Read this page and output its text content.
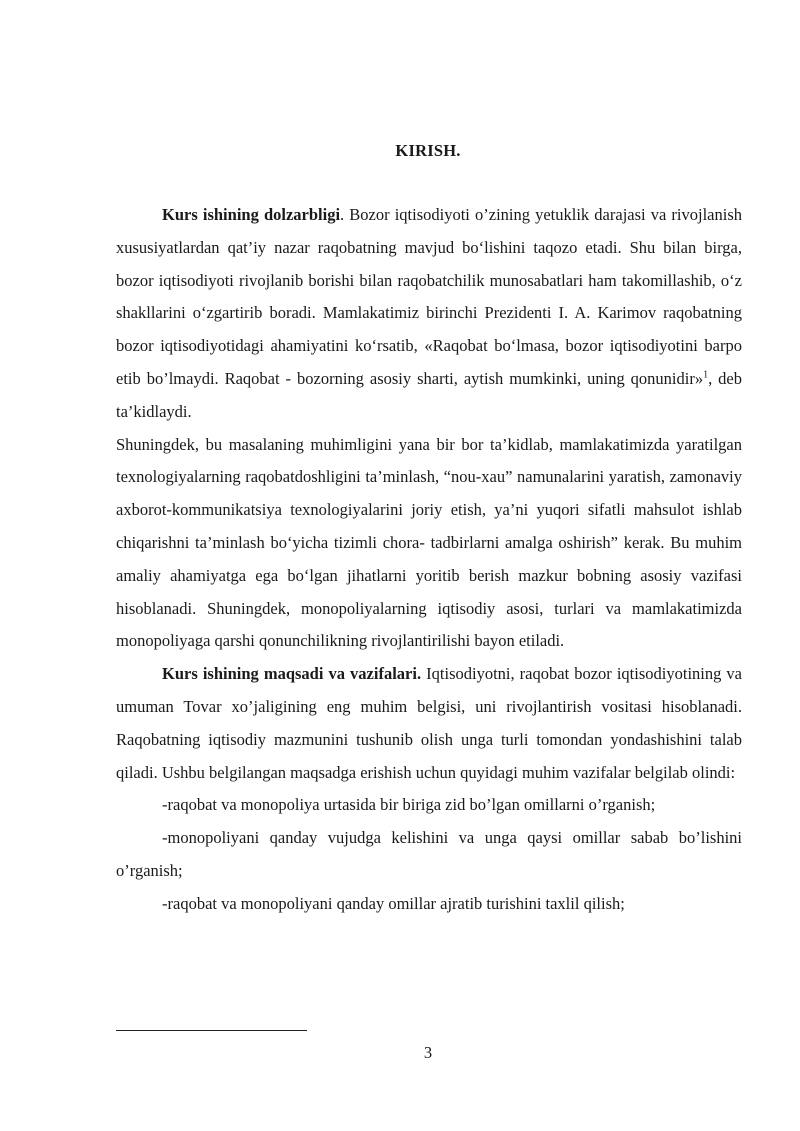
KIRISH.

Kurs ishining dolzarbligi. Bozor iqtisodiyoti o’zining yetuklik darajasi va rivojlanish xususiyatlardan qat’iy nazar raqobatning mavjud bo‘lishini taqozo etadi. Shu bilan birga, bozor iqtisodiyoti rivojlanib borishi bilan raqobatchilik munosabatlari ham takomillashib, o‘z shakllarini o‘zgartirib boradi. Mamlakatimiz birinchi Prezidenti I. A. Karimov raqobatning bozor iqtisodiyotidagi ahamiyatini ko‘rsatib, «Raqobat bo‘lmasa, bozor iqtisodiyotini barpo etib bo’lmaydi. Raqobat - bozorning asosiy sharti, aytish mumkinki, uning qonunidir»$^1$, deb ta’kidlaydi.

Shuningdek, bu masalaning muhimligini yana bir bor ta’kidlab, mamlakatimizda yaratilgan texnologiyalarning raqobatdoshligini ta’minlash, “nou-xau” namunalarini yaratish, zamonaviy axborot-kommunikatsiya texnologiyalarini joriy etish, ya’ni yuqori sifatli mahsulot ishlab chiqarishni ta’minlash bo‘yicha tizimli chora- tadbirlarni amalga oshirish” kerak. Bu muhim amaliy ahamiyatga ega bo‘lgan jihatlarni yoritib berish mazkur bobning asosiy vazifasi hisoblanadi. Shuningdek, monopoliyalarning iqtisodiy asosi, turlari va mamlakatimizda monopoliyaga qarshi qonunchilikning rivojlantirilishi bayon etiladi.

Kurs ishining maqsadi va vazifalari. Iqtisodiyotni, raqobat bozor iqtisodiyotining va umuman Tovar xo’jaligining eng muhim belgisi, uni rivojlantirish vositasi hisoblanadi. Raqobatning iqtisodiy mazmunini tushunib olish unga turli tomondan yondashishini talab qiladi. Ushbu belgilangan maqsadga erishish uchun quyidagi muhim vazifalar belgilab olindi:

-raqobat va monopoliya urtasida bir biriga zid bo’lgan omillarni o’rganish;

-monopoliyani qanday vujudga kelishini va unga qaysi omillar sabab bo’lishini o’rganish;

-raqobat va monopoliyani qanday omillar ajratib turishini taxlil qilish;

3
